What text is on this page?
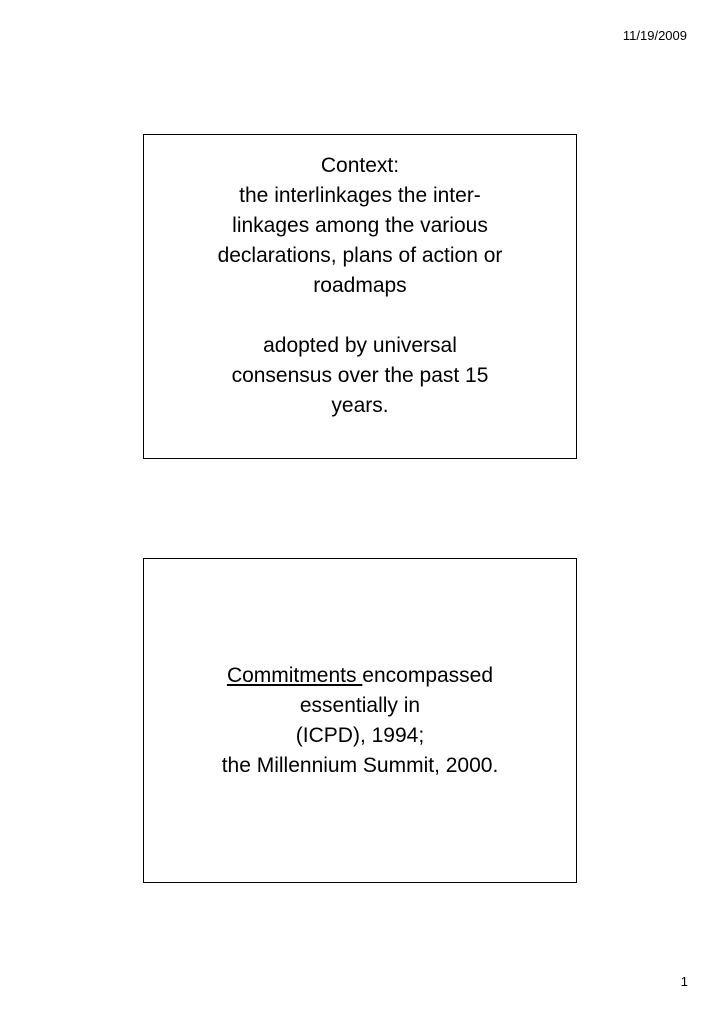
11/19/2009
Context:
the interlinkages the inter-
linkages among the various
declarations, plans of action or
roadmaps
adopted by universal
consensus over the past 15
years.
Commitments encompassed
essentially in
(ICPD), 1994;
the Millennium Summit, 2000.
1
